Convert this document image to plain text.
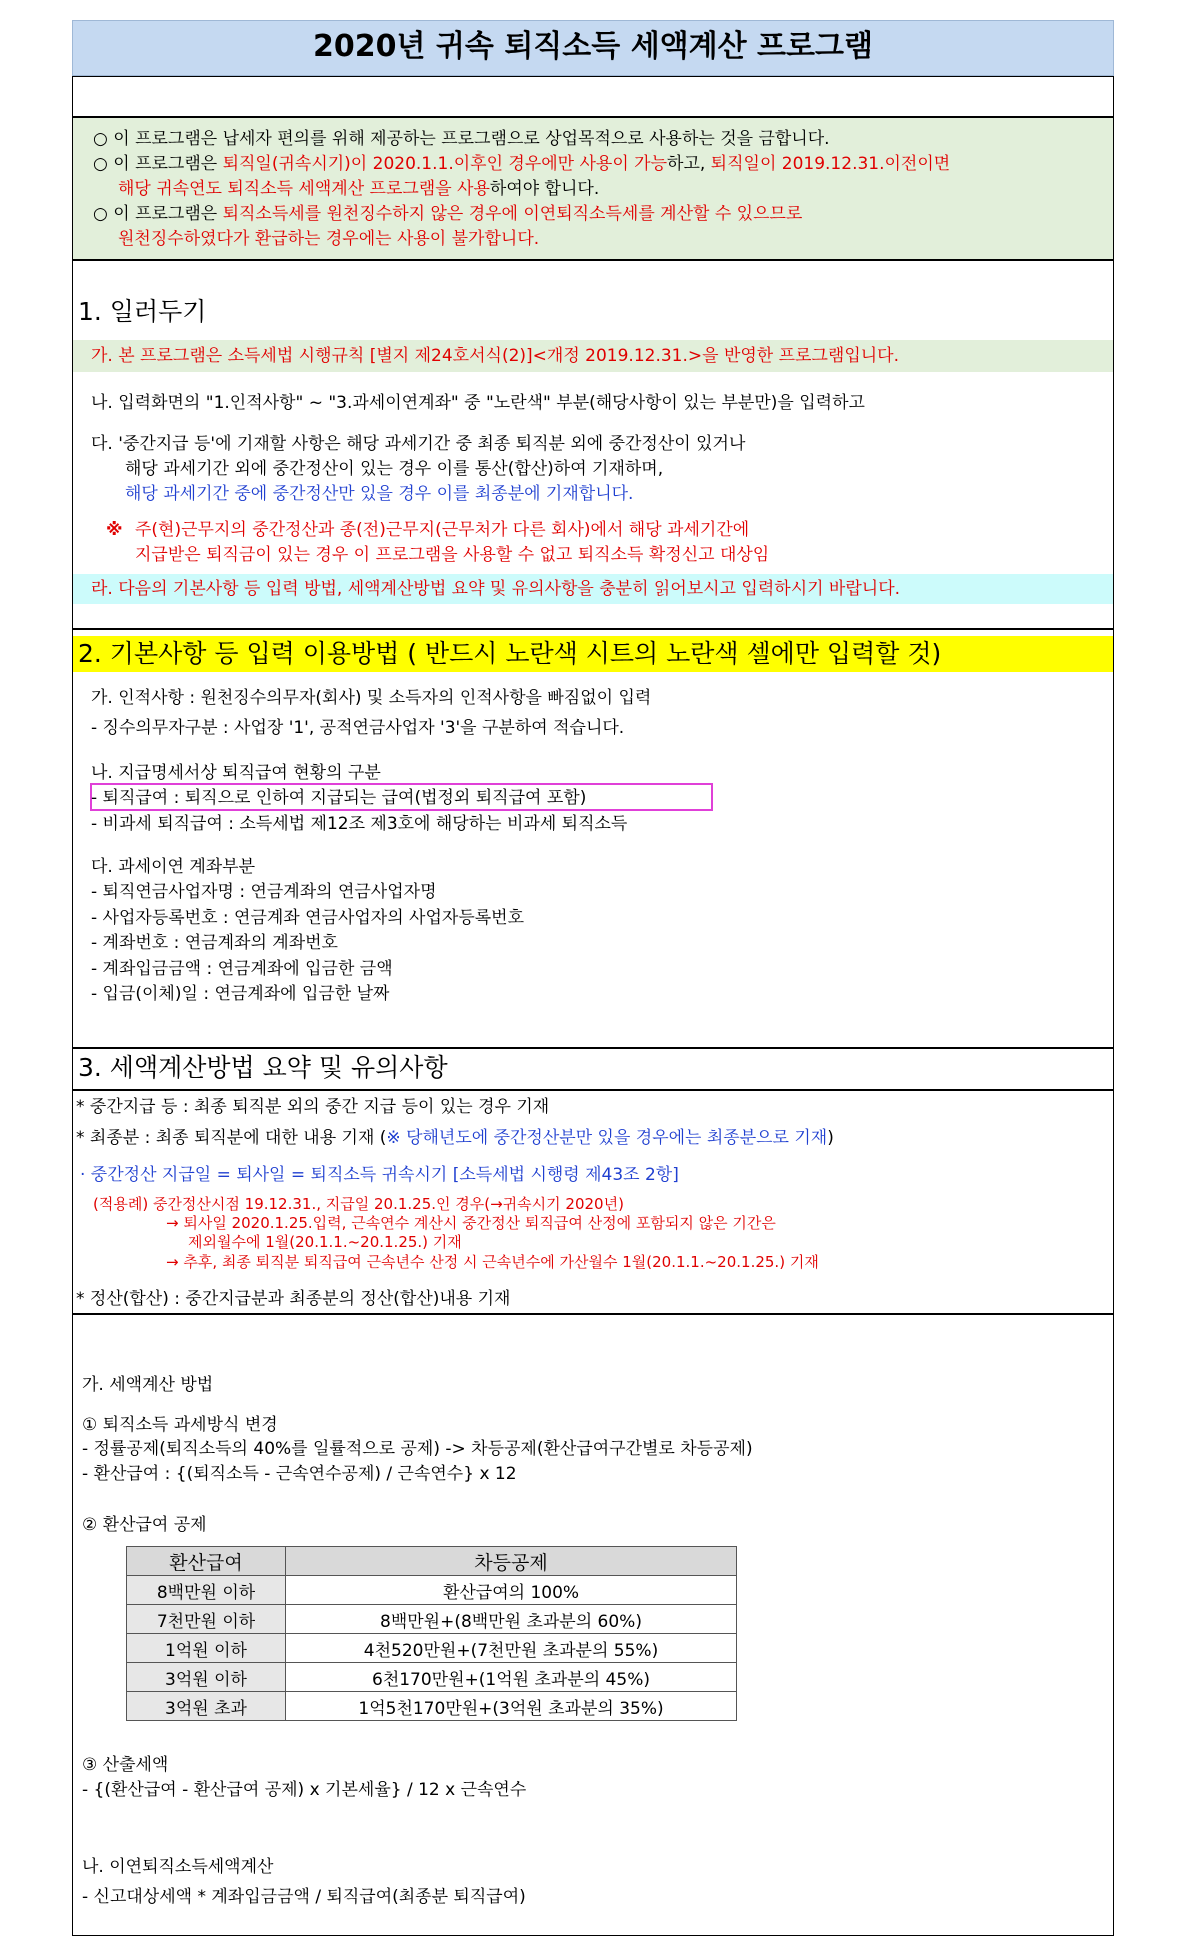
2020년 귀속 퇴직소득 세액계산 프로그램
○ 이 프로그램은 납세자 편의를 위해 제공하는 프로그램으로 상업목적으로 사용하는 것을 금합니다.
○ 이 프로그램은 퇴직일(귀속시기)이 2020.1.1.이후인 경우에만 사용이 가능하고, 퇴직일이 2019.12.31.이전이면
해당 귀속연도 퇴직소득 세액계산 프로그램을 사용하여야 합니다.
○ 이 프로그램은 퇴직소득세를 원천징수하지 않은 경우에 이연퇴직소득세를 계산할 수 있으므로
원천징수하였다가 환급하는 경우에는 사용이 불가합니다.
1. 일러두기
가. 본 프로그램은 소득세법 시행규칙 [별지 제24호서식(2)]<개정 2019.12.31.>을 반영한 프로그램입니다.
나. 입력화면의 "1.인적사항" ~ "3.과세이연계좌" 중 "노란색" 부분(해당사항이 있는 부분만)을 입력하고
다. '중간지급 등'에 기재할 사항은 해당 과세기간 중 최종 퇴직분 외에 중간정산이 있거나
해당 과세기간 외에 중간정산이 있는 경우 이를 통산(합산)하여 기재하며,
해당 과세기간 중에 중간정산만 있을 경우 이를 최종분에 기재합니다.
※ 주(현)근무지의 중간정산과 종(전)근무지(근무처가 다른 회사)에서 해당 과세기간에
지급받은 퇴직금이 있는 경우 이 프로그램을 사용할 수 없고 퇴직소득 확정신고 대상임
라. 다음의 기본사항 등 입력 방법, 세액계산방법 요약 및 유의사항을 충분히 읽어보시고 입력하시기 바랍니다.
2. 기본사항 등 입력 이용방법 ( 반드시 노란색 시트의 노란색 셀에만 입력할 것)
가. 인적사항 : 원천징수의무자(회사) 및 소득자의 인적사항을 빠짐없이 입력
- 징수의무자구분 : 사업장 '1', 공적연금사업자 '3'을 구분하여 적습니다.
나. 지급명세서상 퇴직급여 현황의 구분
- 퇴직급여 : 퇴직으로 인하여 지급되는 급여(법정외 퇴직급여 포함)
- 비과세 퇴직급여 : 소득세법 제12조 제3호에 해당하는 비과세 퇴직소득
다. 과세이연 계좌부분
- 퇴직연금사업자명 : 연금계좌의 연금사업자명
- 사업자등록번호 : 연금계좌 연금사업자의 사업자등록번호
- 계좌번호 : 연금계좌의 계좌번호
- 계좌입금금액 : 연금계좌에 입금한 금액
- 입금(이체)일 : 연금계좌에 입금한 날짜
3. 세액계산방법 요약 및 유의사항
* 중간지급 등 : 최종 퇴직분 외의 중간 지급 등이 있는 경우 기재
* 최종분 : 최종 퇴직분에 대한 내용 기재 (※ 당해년도에 중간정산분만 있을 경우에는 최종분으로 기재)
· 중간정산 지급일 = 퇴사일 = 퇴직소득 귀속시기 [소득세법 시행령 제43조 2항]
(적용례) 중간정산시점 19.12.31., 지급일 20.1.25.인 경우(→귀속시기 2020년)
→ 퇴사일 2020.1.25.입력, 근속연수 계산시 중간정산 퇴직급여 산정에 포함되지 않은 기간은
제외월수에 1월(20.1.1.~20.1.25.) 기재
→ 추후, 최종 퇴직분 퇴직급여 근속년수 산정 시 근속년수에 가산월수 1월(20.1.1.~20.1.25.) 기재
* 정산(합산) : 중간지급분과 최종분의 정산(합산)내용 기재
가. 세액계산 방법
① 퇴직소득 과세방식 변경
- 정률공제(퇴직소득의 40%를 일률적으로 공제) -> 차등공제(환산급여구간별로 차등공제)
- 환산급여 : {(퇴직소득 - 근속연수공제) / 근속연수} x 12
② 환산급여 공제
환산급여	차등공제
8백만원 이하	환산급여의 100%
7천만원 이하	8백만원+(8백만원 초과분의 60%)
1억원 이하	4천520만원+(7천만원 초과분의 55%)
3억원 이하	6천170만원+(1억원 초과분의 45%)
3억원 초과	1억5천170만원+(3억원 초과분의 35%)
③ 산출세액
- {(환산급여 - 환산급여 공제) x 기본세율} / 12 x 근속연수
나. 이연퇴직소득세액계산
- 신고대상세액 * 계좌입금금액 / 퇴직급여(최종분 퇴직급여)
